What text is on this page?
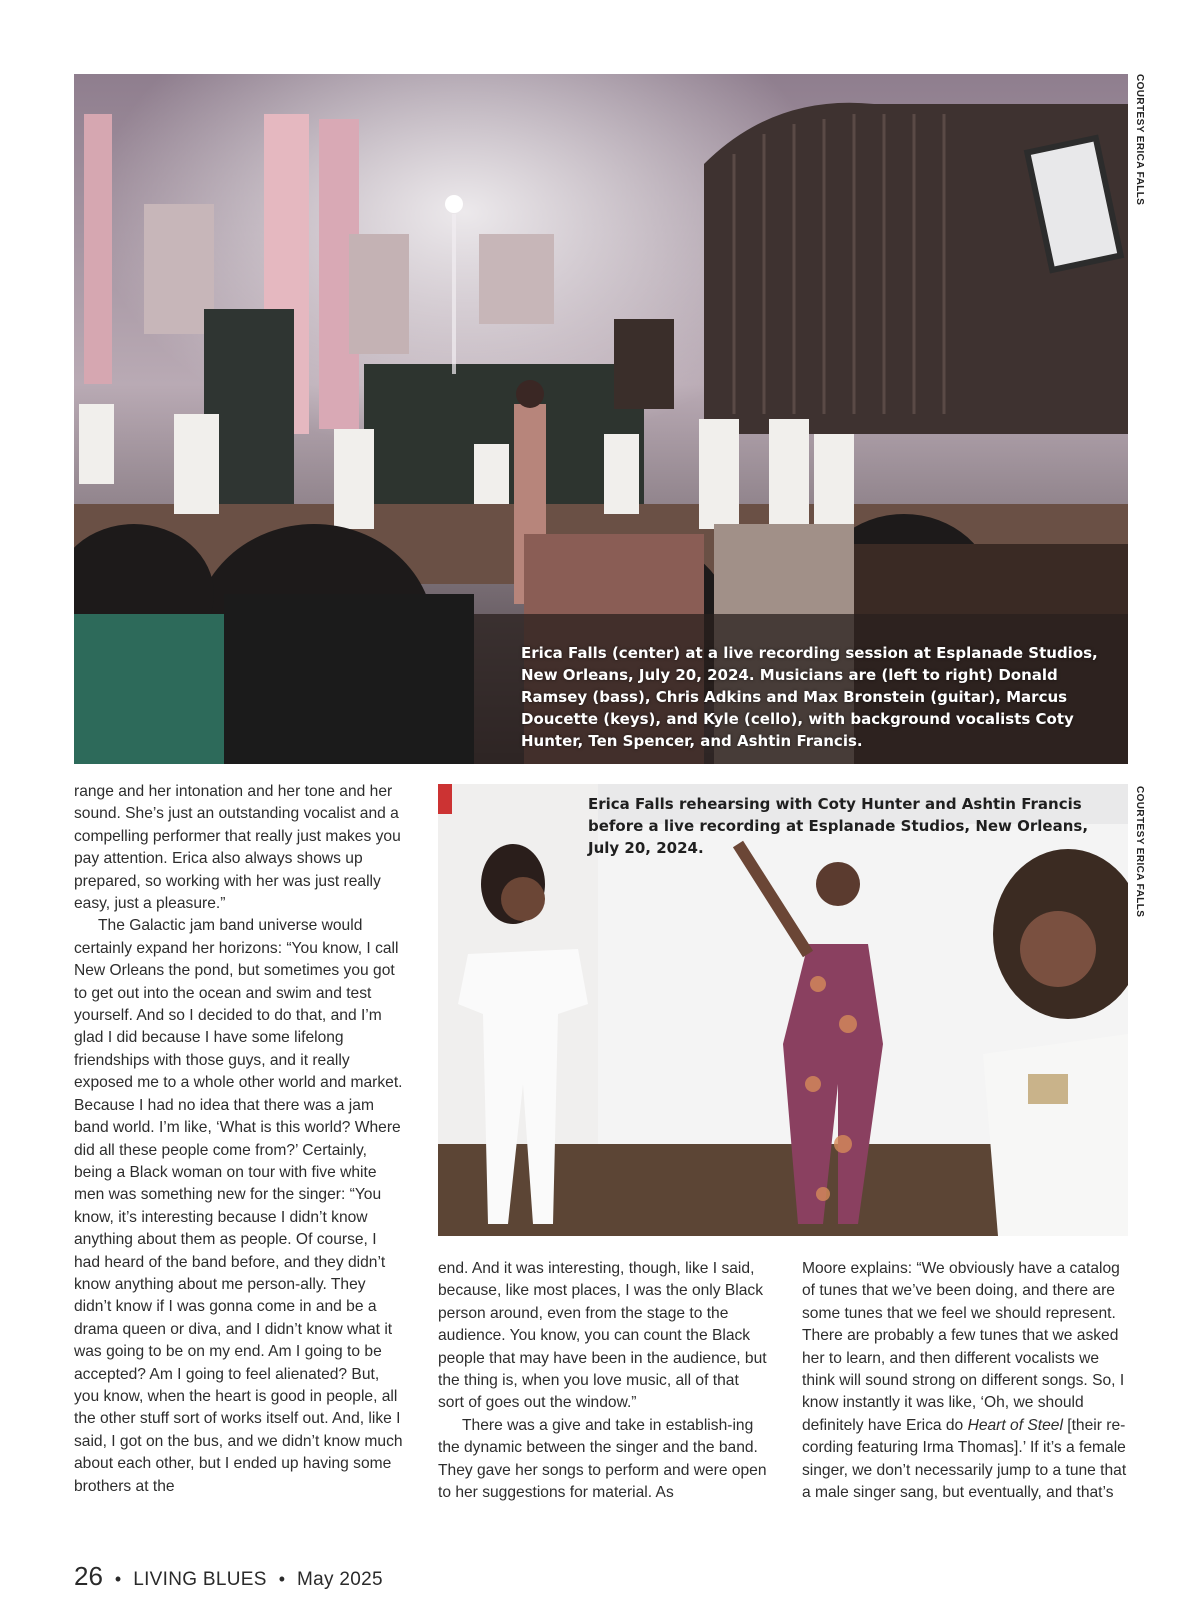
COURTESY ERICA FALLS
Erica Falls (center) at a live recording session at Esplanade Studios, New Orleans, July 20, 2024. Musicians are (left to right) Donald Ramsey (bass), Chris Adkins and Max Bronstein (guitar), Marcus Doucette (keys), and Kyle (cello), with background vocalists Coty Hunter, Ten Spencer, and Ashtin Francis.
COURTESY ERICA FALLS
Erica Falls rehearsing with Coty Hunter and Ashtin Francis before a live recording at Esplanade Studios, New Orleans, July 20, 2024.

range and her intonation and her tone and her sound. She’s just an outstanding vocalist and a compelling performer that really just makes you pay attention. Erica also always shows up prepared, so working with her was just really easy, just a pleasure.”

The Galactic jam band universe would certainly expand her horizons: “You know, I call New Orleans the pond, but sometimes you got to get out into the ocean and swim and test yourself. And so I decided to do that, and I’m glad I did because I have some lifelong friendships with those guys, and it really exposed me to a whole other world and market. Because I had no idea that there was a jam band world. I’m like, ‘What is this world? Where did all these people come from?’ Certainly, being a Black woman on tour with five white men was something new for the singer: “You know, it’s interesting because I didn’t know anything about them as people. Of course, I had heard of the band before, and they didn’t know anything about me person-ally. They didn’t know if I was gonna come in and be a drama queen or diva, and I didn’t know what it was going to be on my end. Am I going to be accepted? Am I going to feel alienated? But, you know, when the heart is good in people, all the other stuff sort of works itself out. And, like I said, I got on the bus, and we didn’t know much about each other, but I ended up having some brothers at the

end. And it was interesting, though, like I said, because, like most places, I was the only Black person around, even from the stage to the audience. You know, you can count the Black people that may have been in the audience, but the thing is, when you love music, all of that sort of goes out the window.”

There was a give and take in establish-ing the dynamic between the singer and the band. They gave her songs to perform and were open to her suggestions for material. As

Moore explains: “We obviously have a catalog of tunes that we’ve been doing, and there are some tunes that we feel we should represent. There are probably a few tunes that we asked her to learn, and then different vocalists we think will sound strong on different songs. So, I know instantly it was like, ‘Oh, we should definitely have Erica do Heart of Steel [their re-cording featuring Irma Thomas].’ If it’s a female singer, we don’t necessarily jump to a tune that a male singer sang, but eventually, and that’s

26 • LIVING BLUES • May 2025
